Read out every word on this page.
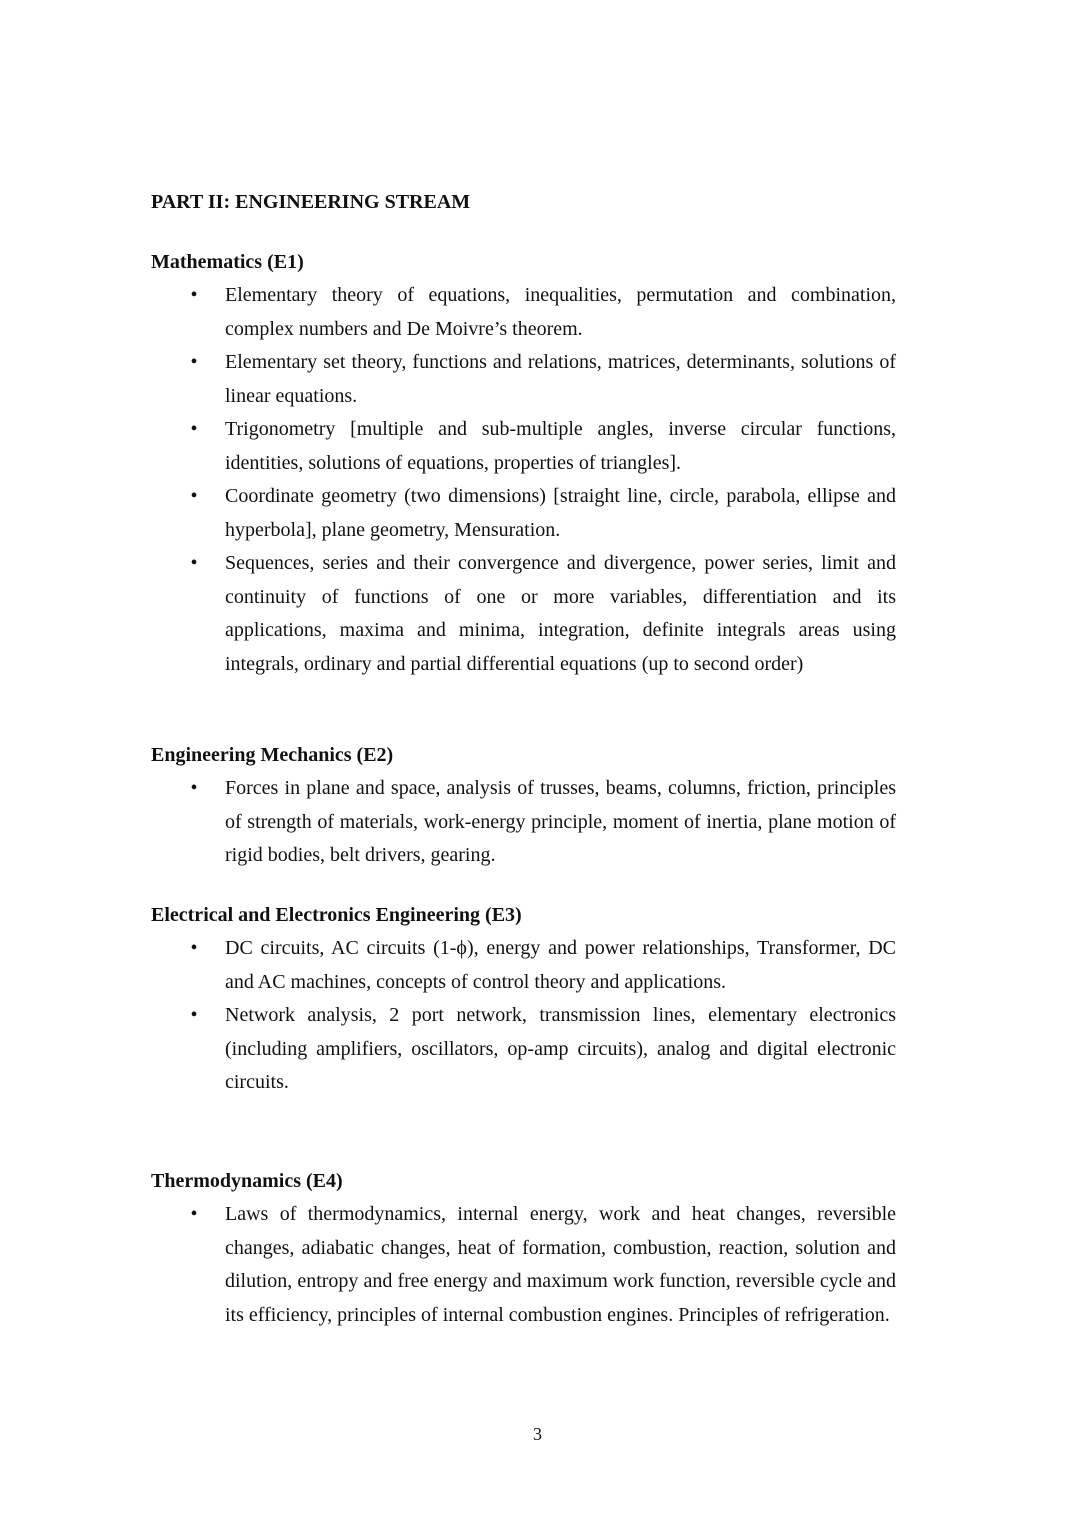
PART II: ENGINEERING STREAM
Mathematics (E1)
• Elementary theory of equations, inequalities, permutation and combination, complex numbers and De Moivre’s theorem.
• Elementary set theory, functions and relations, matrices, determinants, solutions of linear equations.
• Trigonometry [multiple and sub-multiple angles, inverse circular functions, identities, solutions of equations, properties of triangles].
• Coordinate geometry (two dimensions) [straight line, circle, parabola, ellipse and hyperbola], plane geometry, Mensuration.
• Sequences, series and their convergence and divergence, power series, limit and continuity of functions of one or more variables, differentiation and its applications, maxima and minima, integration, definite integrals areas using integrals, ordinary and partial differential equations (up to second order)
Engineering Mechanics (E2)
• Forces in plane and space, analysis of trusses, beams, columns, friction, principles of strength of materials, work-energy principle, moment of inertia, plane motion of rigid bodies, belt drivers, gearing.
Electrical and Electronics Engineering (E3)
• DC circuits, AC circuits (1-ϕ), energy and power relationships, Transformer, DC and AC machines, concepts of control theory and applications.
• Network analysis, 2 port network, transmission lines, elementary electronics (including amplifiers, oscillators, op-amp circuits), analog and digital electronic circuits.
Thermodynamics (E4)
• Laws of thermodynamics, internal energy, work and heat changes, reversible changes, adiabatic changes, heat of formation, combustion, reaction, solution and dilution, entropy and free energy and maximum work function, reversible cycle and its efficiency, principles of internal combustion engines. Principles of refrigeration.
3
